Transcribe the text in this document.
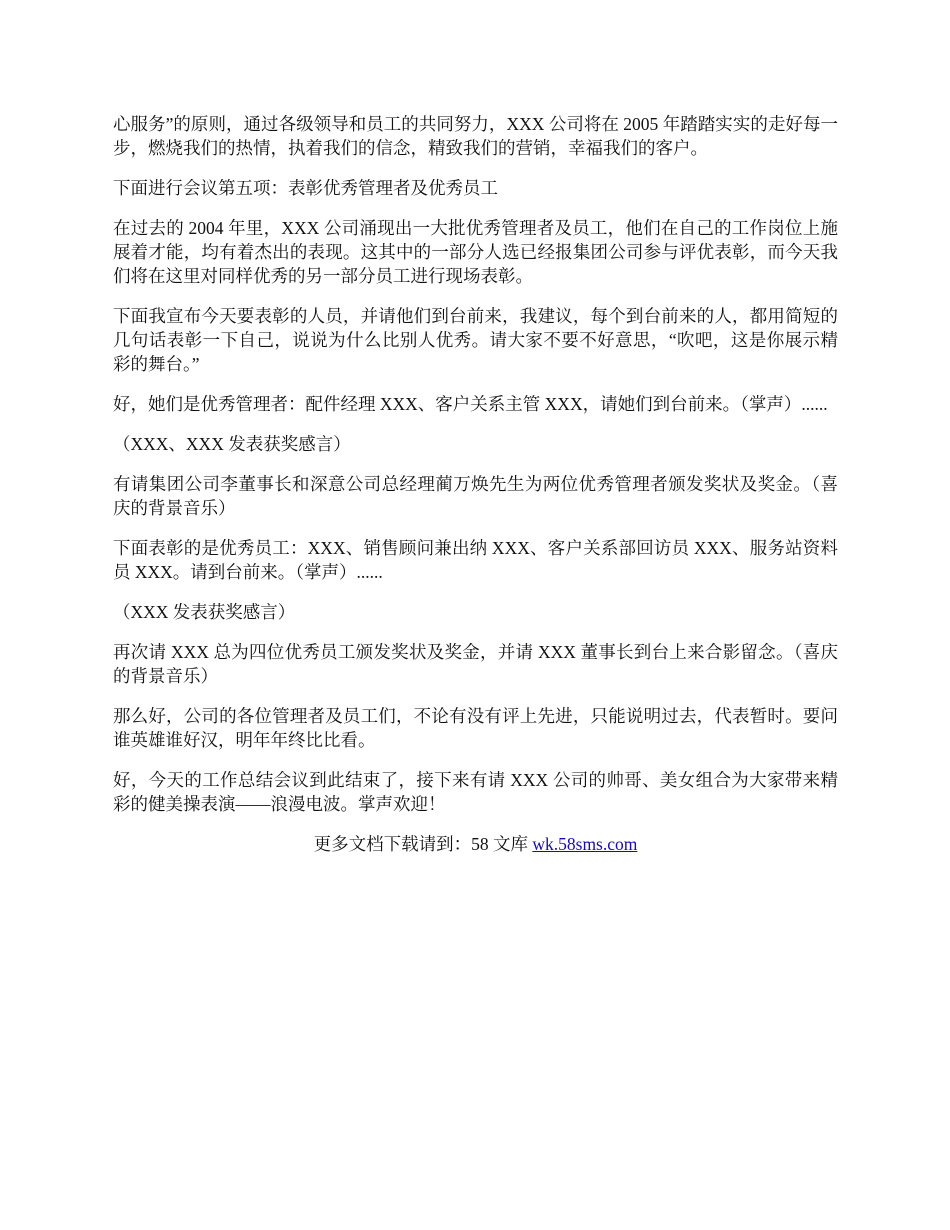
心服务”的原则，通过各级领导和员工的共同努力，XXX 公司将在 2005 年踏踏实实的走好每一步，燃烧我们的热情，执着我们的信念，精致我们的营销，幸福我们的客户。

下面进行会议第五项：表彰优秀管理者及优秀员工

在过去的 2004 年里，XXX 公司涌现出一大批优秀管理者及员工，他们在自己的工作岗位上施展着才能，均有着杰出的表现。这其中的一部分人选已经报集团公司参与评优表彰，而今天我们将在这里对同样优秀的另一部分员工进行现场表彰。

下面我宣布今天要表彰的人员，并请他们到台前来，我建议，每个到台前来的人，都用简短的几句话表彰一下自己，说说为什么比别人优秀。请大家不要不好意思，“吹吧，这是你展示精彩的舞台。”

好，她们是优秀管理者：配件经理 XXX、客户关系主管 XXX，请她们到台前来。（掌声）......

（XXX、XXX 发表获奖感言）

有请集团公司李董事长和深意公司总经理蔺万焕先生为两位优秀管理者颁发奖状及奖金。（喜庆的背景音乐）

下面表彰的是优秀员工：XXX、销售顾问兼出纳 XXX、客户关系部回访员 XXX、服务站资料员 XXX。请到台前来。（掌声）......

（XXX 发表获奖感言）

再次请 XXX 总为四位优秀员工颁发奖状及奖金，并请 XXX 董事长到台上来合影留念。（喜庆的背景音乐）

那么好，公司的各位管理者及员工们，不论有没有评上先进，只能说明过去，代表暂时。要问谁英雄谁好汉，明年年终比比看。

好，今天的工作总结会议到此结束了，接下来有请 XXX 公司的帅哥、美女组合为大家带来精彩的健美操表演——浪漫电波。掌声欢迎！

更多文档下载请到：58 文库 wk.58sms.com
